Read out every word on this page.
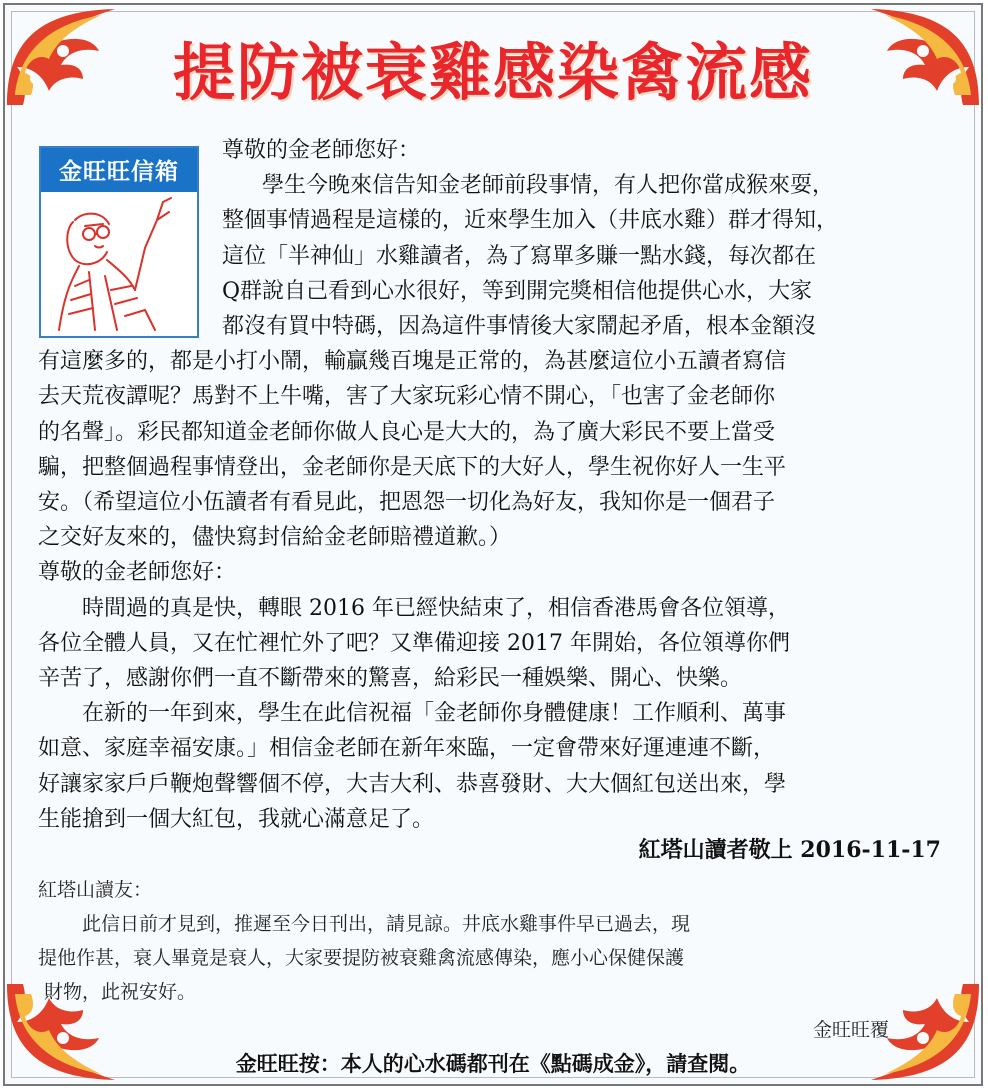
提防被衰雞感染禽流感
金旺旺信箱
尊敬的金老師您好：
學生今晚來信告知金老師前段事情，有人把你當成猴來耍，
整個事情過程是這樣的，近來學生加入（井底水雞）群才得知，
這位「半神仙」水雞讀者，為了寫單多賺一點水錢，每次都在
Q群說自己看到心水很好，等到開完獎相信他提供心水，大家
都沒有買中特碼，因為這件事情後大家鬧起矛盾，根本金額沒
有這麼多的，都是小打小鬧，輸贏幾百塊是正常的，為甚麼這位小五讀者寫信
去天荒夜譚呢？馬對不上牛嘴，害了大家玩彩心情不開心，「也害了金老師你
的名聲」。彩民都知道金老師你做人良心是大大的，為了廣大彩民不要上當受
騙，把整個過程事情登出，金老師你是天底下的大好人，學生祝你好人一生平
安。（希望這位小伍讀者有看見此，把恩怨一切化為好友，我知你是一個君子
之交好友來的，儘快寫封信給金老師賠禮道歉。）
尊敬的金老師您好：
時間過的真是快，轉眼 2016 年已經快結束了，相信香港馬會各位領導，
各位全體人員，又在忙裡忙外了吧？又準備迎接 2017 年開始，各位領導你們
辛苦了，感謝你們一直不斷帶來的驚喜，給彩民一種娛樂、開心、快樂。
在新的一年到來，學生在此信祝福「金老師你身體健康！工作順利、萬事
如意、家庭幸福安康。」相信金老師在新年來臨，一定會帶來好運連連不斷，
好讓家家戶戶鞭炮聲響個不停，大吉大利、恭喜發財、大大個紅包送出來，學
生能搶到一個大紅包，我就心滿意足了。
紅塔山讀者敬上 2016-11-17
紅塔山讀友：
此信日前才見到，推遲至今日刊出，請見諒。井底水雞事件早已過去，現
提他作甚，衰人畢竟是衰人，大家要提防被衰雞禽流感傳染，應小心保健保護
財物，此祝安好。
金旺旺覆
金旺旺按：本人的心水碼都刊在《點碼成金》，請查閱。
